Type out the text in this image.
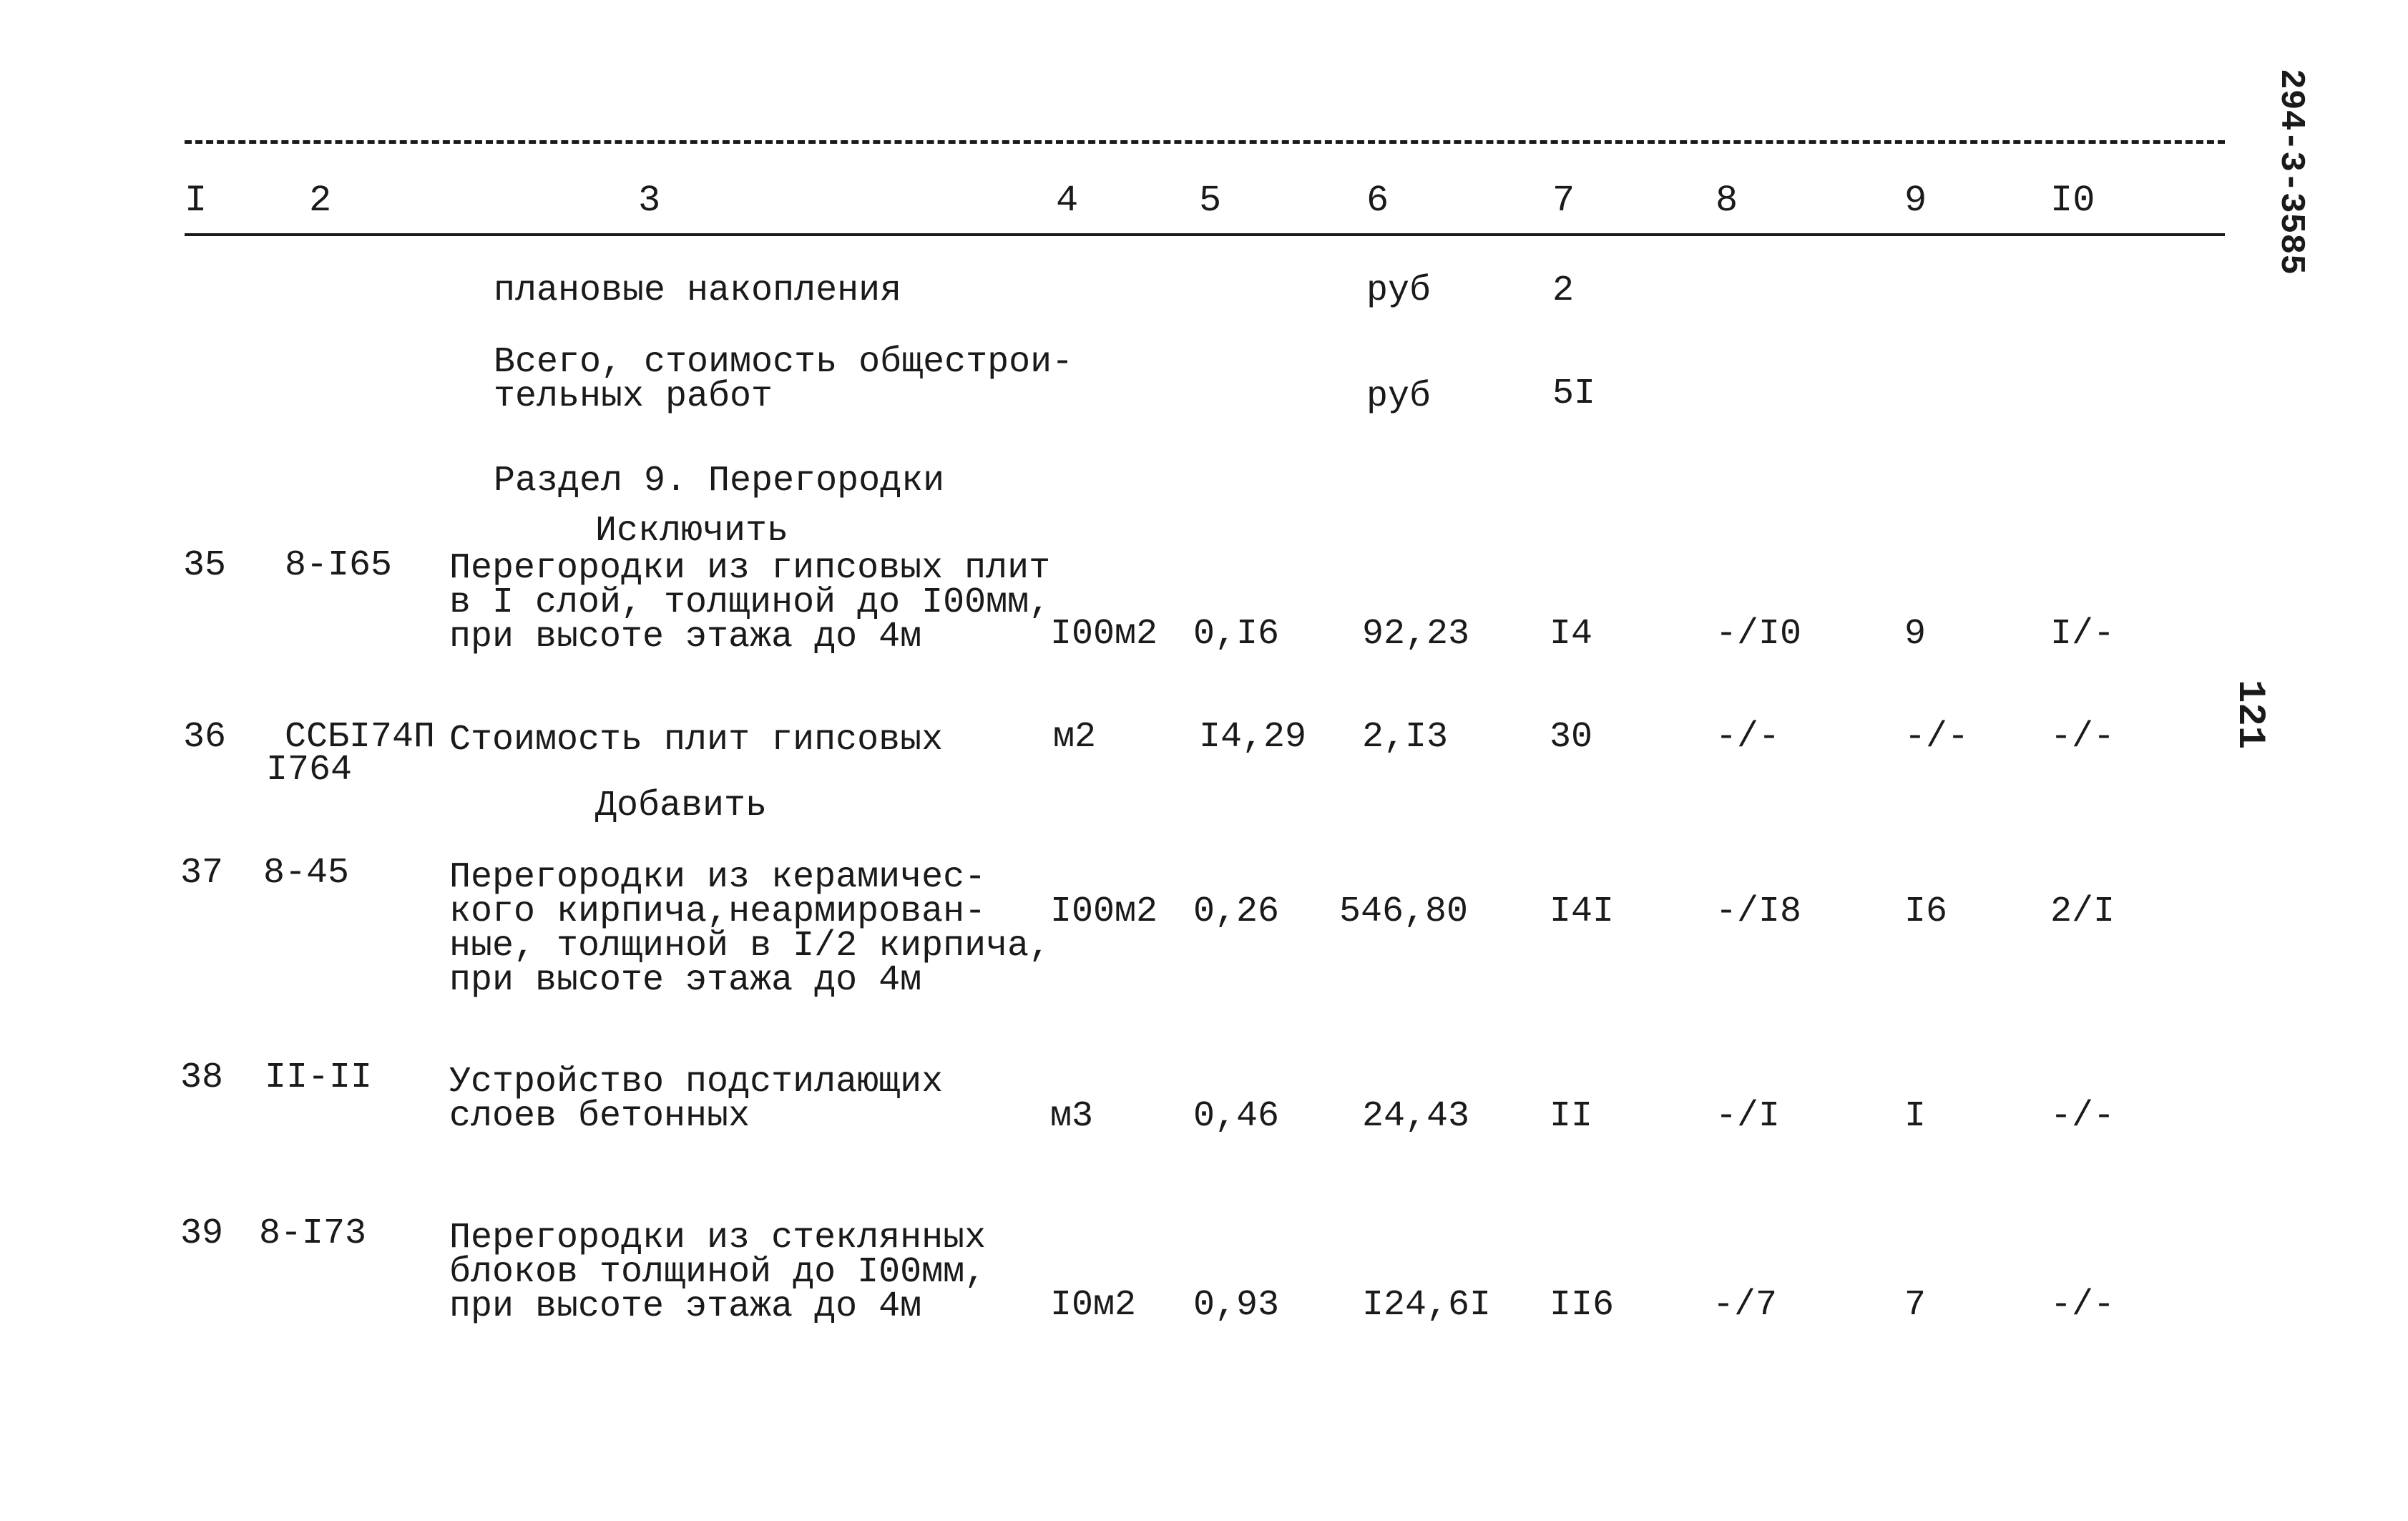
294-3-3585
121
I	2	3	4	5	6	7	8	9	I0
плановые накопления	руб	2
Всего, стоимость общестрои-
тельных работ	руб	5I
Раздел 9. Перегородки
Исключить
35 8-I65 Перегородки из гипсовых плит
в I слой, толщиной до I00мм,
при высоте этажа до 4м	I00м2 0,I6 92,23 I4	-/I0	9	I/-
36 ССБI74П
I764
Стоимость плит гипсовых	м2	I4,29 2,I3	30	-/-	-/- -/-
Добавить
37 8-45	Перегородки из керамичес-
кого кирпича,неармирован-
ные, толщиной в I/2 кирпича,
при высоте этажа до 4м
I00м2 0,26 546,80 I4I	-/I8	I6	2/I
38 II-II Устройство подстилающих
слоев бетонных	м3	0,46 24,43 II	-/I	I	-/-
39 8-I73 Перегородки из стеклянных
блоков толщиной до I00мм,
при высоте этажа до 4м	I0м2 0,93 I24,6I II6	-/7	7	-/-
